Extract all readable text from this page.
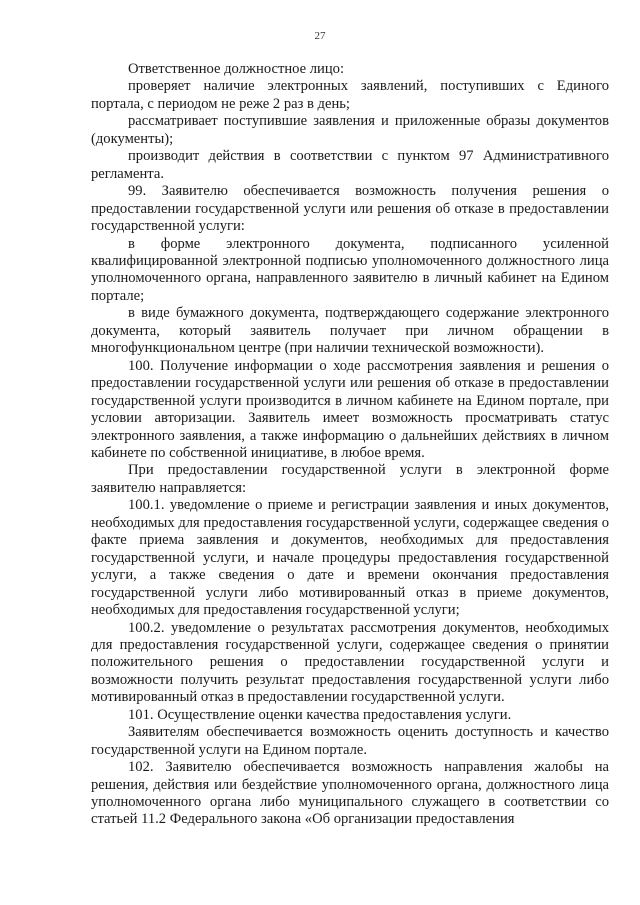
27

Ответственное должностное лицо:

проверяет наличие электронных заявлений, поступивших с Единого портала, с периодом не реже 2 раз в день;

рассматривает поступившие заявления и приложенные образы документов (документы);

производит действия в соответствии с пунктом 97 Административного регламента.

99. Заявителю обеспечивается возможность получения решения о предоставлении государственной услуги или решения об отказе в предоставлении государственной услуги:

в форме электронного документа, подписанного усиленной квалифицированной электронной подписью уполномоченного должностного лица уполномоченного органа, направленного заявителю в личный кабинет на Едином портале;

в виде бумажного документа, подтверждающего содержание электронного документа, который заявитель получает при личном обращении в многофункциональном центре (при наличии технической возможности).

100. Получение информации о ходе рассмотрения заявления и решения о предоставлении государственной услуги или решения об отказе в предоставлении государственной услуги производится в личном кабинете на Едином портале, при условии авторизации. Заявитель имеет возможность просматривать статус электронного заявления, а также информацию о дальнейших действиях в личном кабинете по собственной инициативе, в любое время.

При предоставлении государственной услуги в электронной форме заявителю направляется:

100.1. уведомление о приеме и регистрации заявления и иных документов, необходимых для предоставления государственной услуги, содержащее сведения о факте приема заявления и документов, необходимых для предоставления государственной услуги, и начале процедуры предоставления государственной услуги, а также сведения о дате и времени окончания предоставления государственной услуги либо мотивированный отказ в приеме документов, необходимых для предоставления государственной услуги;

100.2. уведомление о результатах рассмотрения документов, необходимых для предоставления государственной услуги, содержащее сведения о принятии положительного решения о предоставлении государственной услуги и возможности получить результат предоставления государственной услуги либо мотивированный отказ в предоставлении государственной услуги.

101. Осуществление оценки качества предоставления услуги.

Заявителям обеспечивается возможность оценить доступность и качество государственной услуги на Едином портале.

102. Заявителю обеспечивается возможность направления жалобы на решения, действия или бездействие уполномоченного органа, должностного лица уполномоченного органа либо муниципального служащего в соответствии со статьей 11.2 Федерального закона «Об организации предоставления
